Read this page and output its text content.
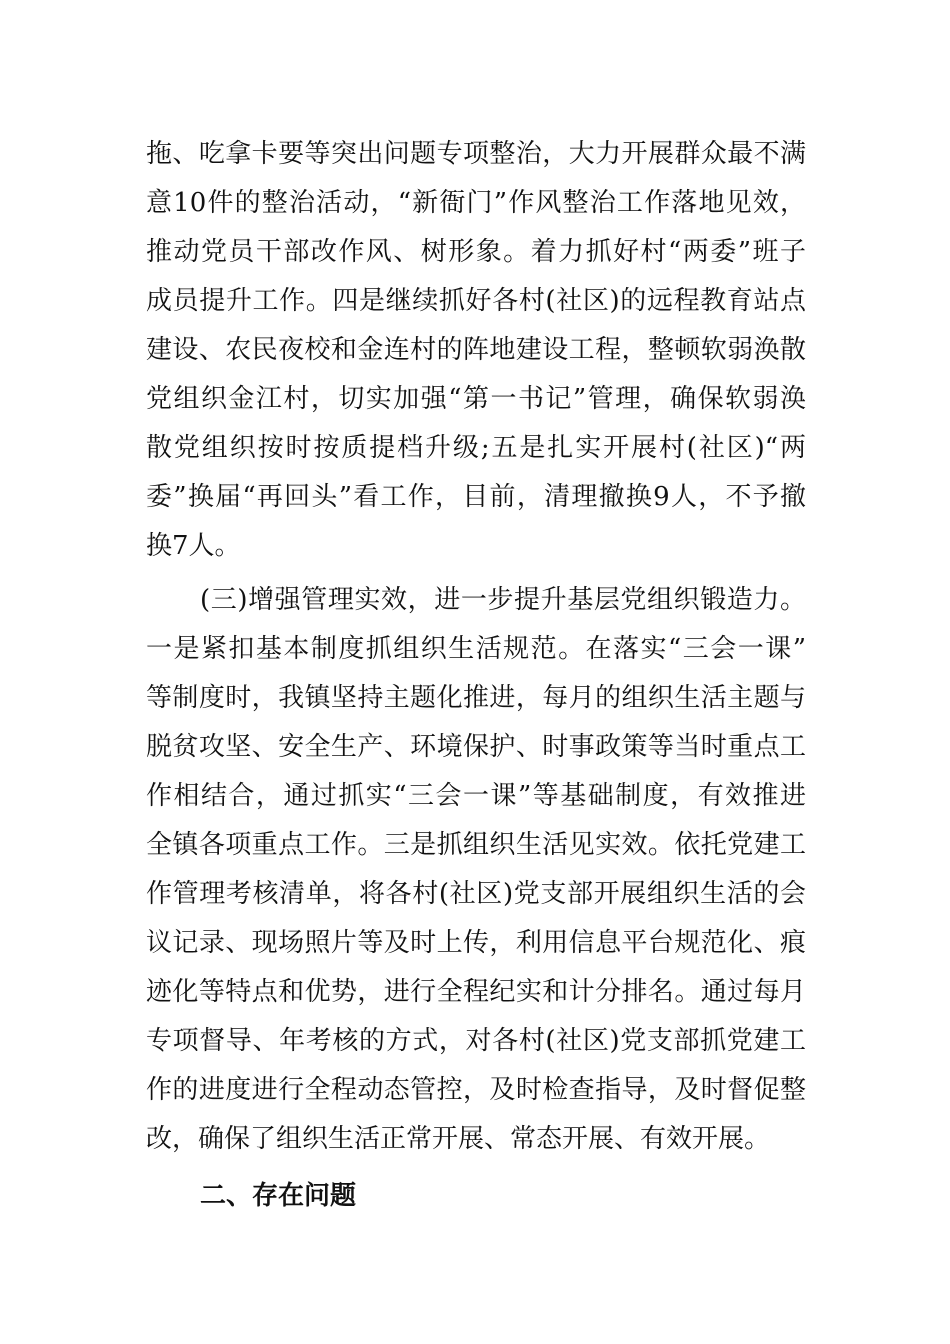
拖、吃拿卡要等突出问题专项整治，大力开展群众最不满
意10件的整治活动，“新衙门”作风整治工作落地见效，
推动党员干部改作风、树形象。着力抓好村“两委”班子
成员提升工作。四是继续抓好各村(社区)的远程教育站点
建设、农民夜校和金连村的阵地建设工程，整顿软弱涣散
党组织金江村，切实加强“第一书记”管理，确保软弱涣
散党组织按时按质提档升级;五是扎实开展村(社区)“两
委”换届“再回头”看工作，目前，清理撤换9人，不予撤
换7人。
(三)增强管理实效，进一步提升基层党组织锻造力。
一是紧扣基本制度抓组织生活规范。在落实“三会一课”
等制度时，我镇坚持主题化推进，每月的组织生活主题与
脱贫攻坚、安全生产、环境保护、时事政策等当时重点工
作相结合，通过抓实“三会一课”等基础制度，有效推进
全镇各项重点工作。三是抓组织生活见实效。依托党建工
作管理考核清单，将各村(社区)党支部开展组织生活的会
议记录、现场照片等及时上传，利用信息平台规范化、痕
迹化等特点和优势，进行全程纪实和计分排名。通过每月
专项督导、年考核的方式，对各村(社区)党支部抓党建工
作的进度进行全程动态管控，及时检查指导，及时督促整
改，确保了组织生活正常开展、常态开展、有效开展。
二、存在问题
